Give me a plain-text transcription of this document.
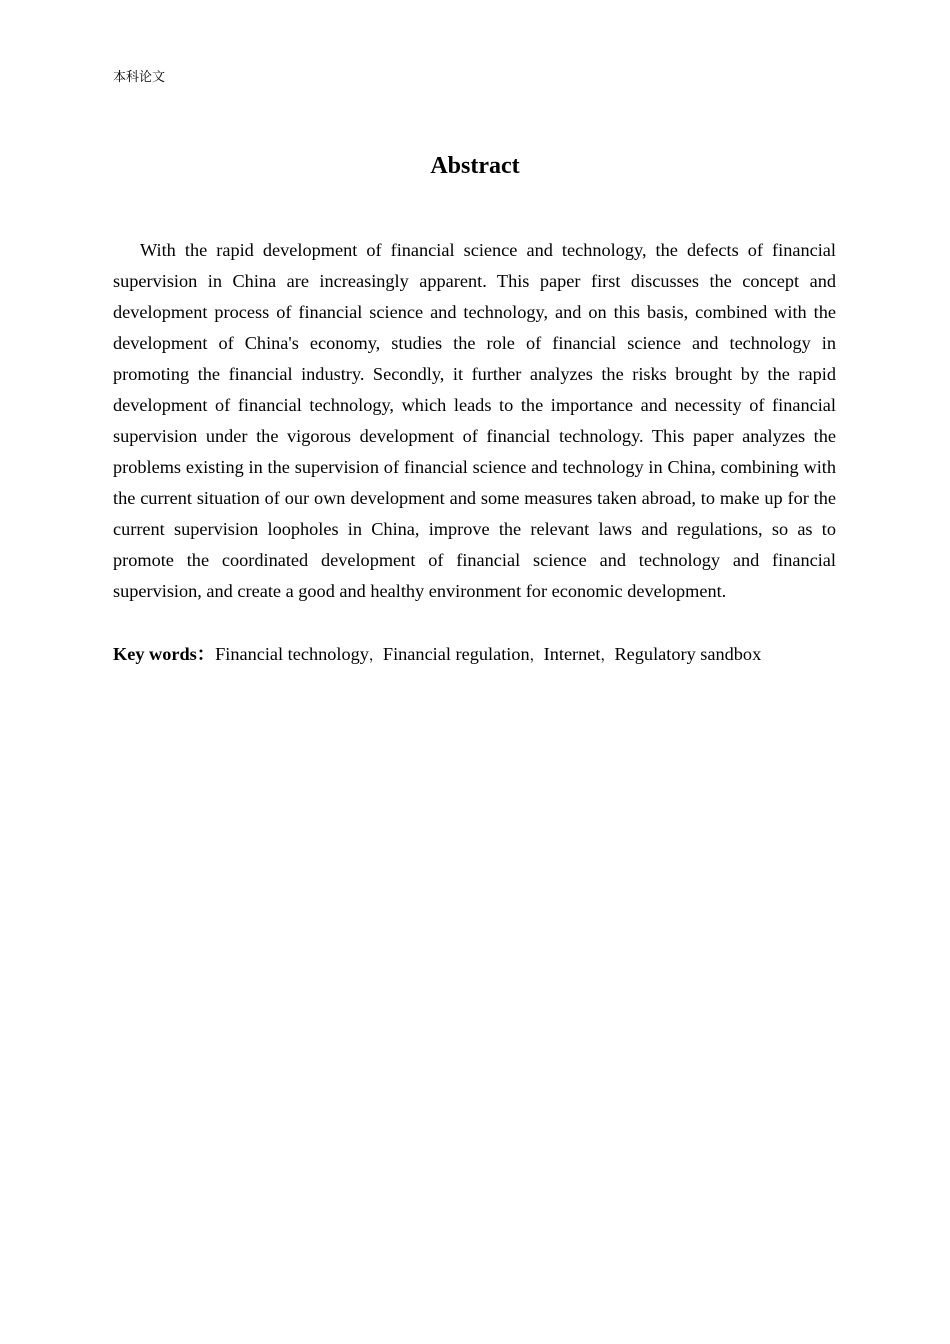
本科论文
Abstract

With the rapid development of financial science and technology, the defects of financial supervision in China are increasingly apparent. This paper first discusses the concept and development process of financial science and technology, and on this basis, combined with the development of China's economy, studies the role of financial science and technology in promoting the financial industry. Secondly, it further analyzes the risks brought by the rapid development of financial technology, which leads to the importance and necessity of financial supervision under the vigorous development of financial technology. This paper analyzes the problems existing in the supervision of financial science and technology in China, combining with the current situation of our own development and some measures taken abroad, to make up for the current supervision loopholes in China, improve the relevant laws and regulations, so as to promote the coordinated development of financial science and technology and financial supervision, and create a good and healthy environment for economic development.

Key words：Financial technology，Financial regulation，Internet，Regulatory sandbox
